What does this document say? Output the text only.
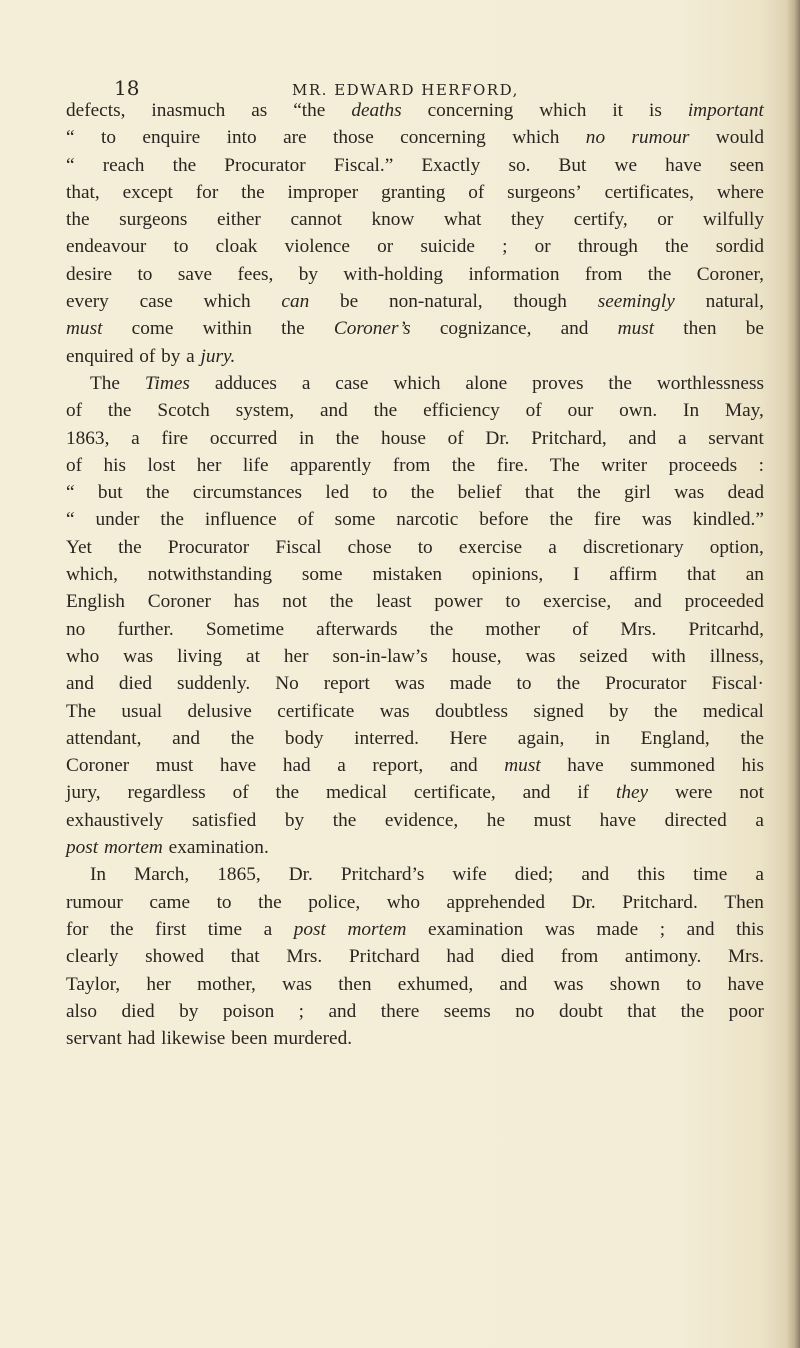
18	MR. EDWARD HERFORD,
defects, inasmuch as “the deaths concerning which it is important
“ to enquire into are those concerning which no rumour would
“ reach the Procurator Fiscal.” Exactly so. But we have seen
that, except for the improper granting of surgeons’ certificates, where
the surgeons either cannot know what they certify, or wilfully
endeavour to cloak violence or suicide ; or through the sordid
desire to save fees, by with-holding information from the Coroner,
every case which can be non-natural, though seemingly natural,
must come within the Coroner’s cognizance, and must then be
enquired of by a jury.
The Times adduces a case which alone proves the worthlessness
of the Scotch system, and the efficiency of our own. In May,
1863, a fire occurred in the house of Dr. Pritchard, and a servant
of his lost her life apparently from the fire. The writer proceeds :
“ but the circumstances led to the belief that the girl was dead
“ under the influence of some narcotic before the fire was kindled.”
Yet the Procurator Fiscal chose to exercise a discretionary option,
which, notwithstanding some mistaken opinions, I affirm that an
English Coroner has not the least power to exercise, and proceeded
no further. Sometime afterwards the mother of Mrs. Pritcarhd,
who was living at her son-in-law’s house, was seized with illness,
and died suddenly. No report was made to the Procurator Fiscal·
The usual delusive certificate was doubtless signed by the medical
attendant, and the body interred. Here again, in England, the
Coroner must have had a report, and must have summoned his
jury, regardless of the medical certificate, and if they were not
exhaustively satisfied by the evidence, he must have directed a
post mortem examination.
In March, 1865, Dr. Pritchard’s wife died; and this time a
rumour came to the police, who apprehended Dr. Pritchard. Then
for the first time a post mortem examination was made ; and this
clearly showed that Mrs. Pritchard had died from antimony. Mrs.
Taylor, her mother, was then exhumed, and was shown to have
also died by poison ; and there seems no doubt that the poor
servant had likewise been murdered.
